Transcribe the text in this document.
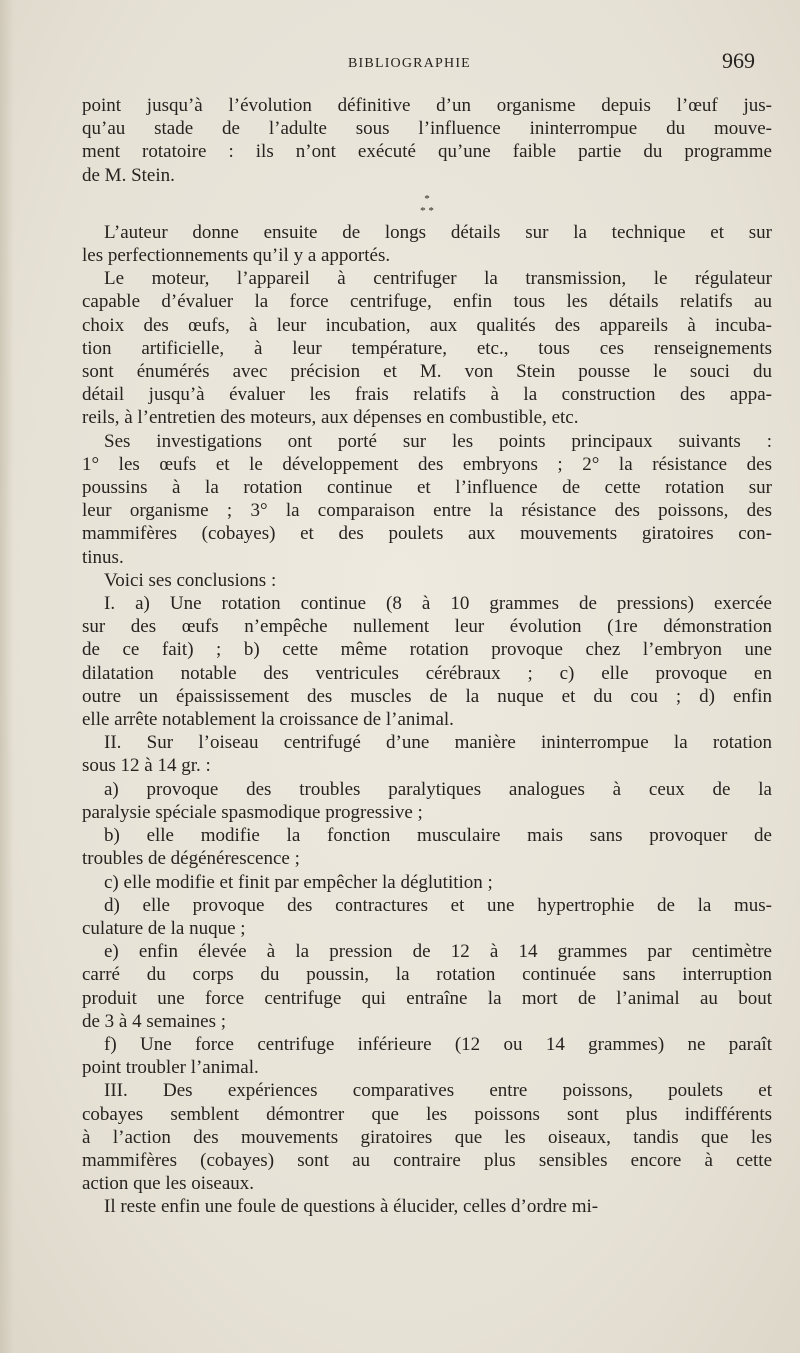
BIBLIOGRAPHIE	969

point jusqu’à l’évolution définitive d’un organisme depuis l’œuf jus-
qu’au stade de l’adulte sous l’influence ininterrompue du mouve-
ment rotatoire : ils n’ont exécuté qu’une faible partie du programme
de M. Stein.

*
* *

L’auteur donne ensuite de longs détails sur la technique et sur
les perfectionnements qu’il y a apportés.

Le moteur, l’appareil à centrifuger la transmission, le régulateur
capable d’évaluer la force centrifuge, enfin tous les détails relatifs au
choix des œufs, à leur incubation, aux qualités des appareils à incuba-
tion artificielle, à leur température, etc., tous ces renseignements
sont énumérés avec précision et M. von Stein pousse le souci du
détail jusqu’à évaluer les frais relatifs à la construction des appa-
reils, à l’entretien des moteurs, aux dépenses en combustible, etc.

Ses investigations ont porté sur les points principaux suivants :
1° les œufs et le développement des embryons ; 2° la résistance des
poussins à la rotation continue et l’influence de cette rotation sur
leur organisme ; 3° la comparaison entre la résistance des poissons, des
mammifères (cobayes) et des poulets aux mouvements giratoires con-
tinus.

Voici ses conclusions :

I. a) Une rotation continue (8 à 10 grammes de pressions) exercée
sur des œufs n’empêche nullement leur évolution (1re démonstration
de ce fait) ; b) cette même rotation provoque chez l’embryon une
dilatation notable des ventricules cérébraux ; c) elle provoque en
outre un épaississement des muscles de la nuque et du cou ; d) enfin
elle arrête notablement la croissance de l’animal.

II. Sur l’oiseau centrifugé d’une manière ininterrompue la rotation
sous 12 à 14 gr. :

a) provoque des troubles paralytiques analogues à ceux de la
paralysie spéciale spasmodique progressive ;

b) elle modifie la fonction musculaire mais sans provoquer de
troubles de dégénérescence ;

c) elle modifie et finit par empêcher la déglutition ;

d) elle provoque des contractures et une hypertrophie de la mus-
culature de la nuque ;

e) enfin élevée à la pression de 12 à 14 grammes par centimètre
carré du corps du poussin, la rotation continuée sans interruption
produit une force centrifuge qui entraîne la mort de l’animal au bout
de 3 à 4 semaines ;

f) Une force centrifuge inférieure (12 ou 14 grammes) ne paraît
point troubler l’animal.

III. Des expériences comparatives entre poissons, poulets et
cobayes semblent démontrer que les poissons sont plus indifférents
à l’action des mouvements giratoires que les oiseaux, tandis que les
mammifères (cobayes) sont au contraire plus sensibles encore à cette
action que les oiseaux.

Il reste enfin une foule de questions à élucider, celles d’ordre mi-
